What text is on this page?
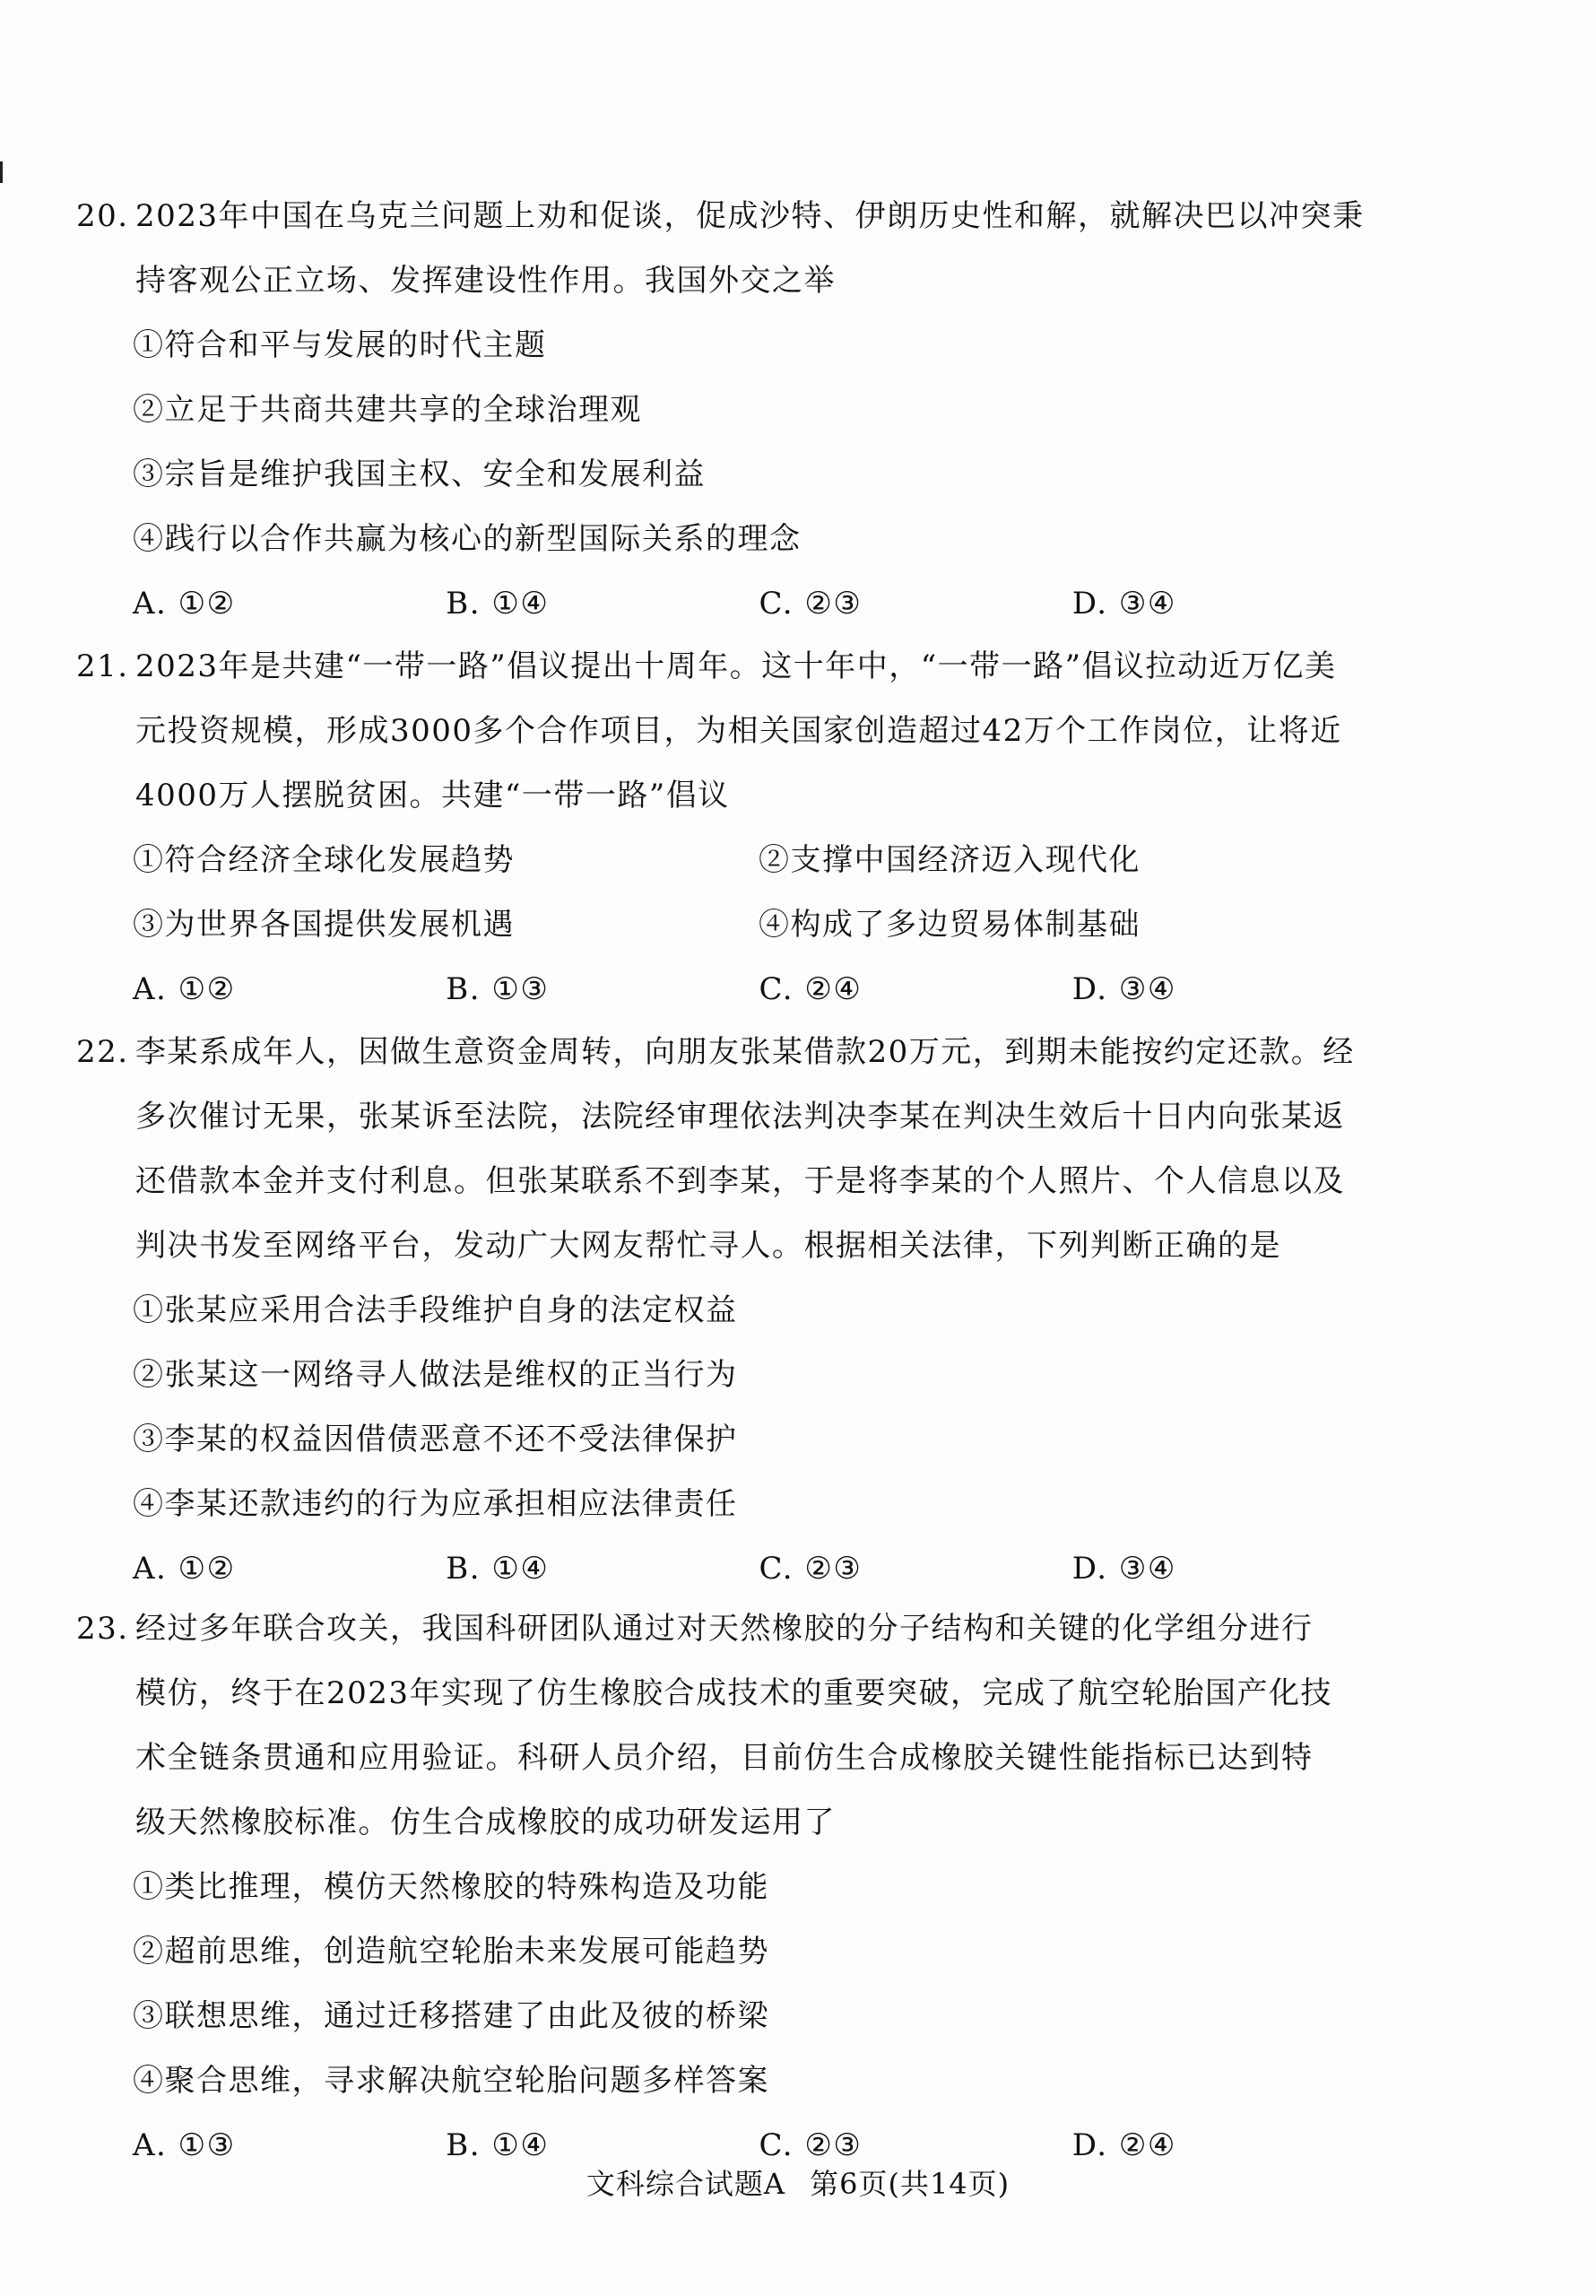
20. 2023年中国在乌克兰问题上劝和促谈，促成沙特、伊朗历史性和解，就解决巴以冲突秉

持客观公正立场、发挥建设性作用。我国外交之举

①符合和平与发展的时代主题

②立足于共商共建共享的全球治理观

③宗旨是维护我国主权、安全和发展利益

④践行以合作共赢为核心的新型国际关系的理念

A. ①②	B. ①④	C. ②③	D. ③④

21. 2023年是共建“一带一路”倡议提出十周年。这十年中，“一带一路”倡议拉动近万亿美

元投资规模，形成3000多个合作项目，为相关国家创造超过42万个工作岗位，让将近

4000万人摆脱贫困。共建“一带一路”倡议

①符合经济全球化发展趋势	②支撑中国经济迈入现代化
③为世界各国提供发展机遇	④构成了多边贸易体制基础
A. ①②	B. ①③	C. ②④	D. ③④

22. 李某系成年人，因做生意资金周转，向朋友张某借款20万元，到期未能按约定还款。经

多次催讨无果，张某诉至法院，法院经审理依法判决李某在判决生效后十日内向张某返

还借款本金并支付利息。但张某联系不到李某，于是将李某的个人照片、个人信息以及

判决书发至网络平台，发动广大网友帮忙寻人。根据相关法律，下列判断正确的是

①张某应采用合法手段维护自身的法定权益

②张某这一网络寻人做法是维权的正当行为

③李某的权益因借债恶意不还不受法律保护

④李某还款违约的行为应承担相应法律责任

A. ①②	B. ①④	C. ②③	D. ③④

23. 经过多年联合攻关，我国科研团队通过对天然橡胶的分子结构和关键的化学组分进行

模仿，终于在2023年实现了仿生橡胶合成技术的重要突破，完成了航空轮胎国产化技

术全链条贯通和应用验证。科研人员介绍，目前仿生合成橡胶关键性能指标已达到特

级天然橡胶标准。仿生合成橡胶的成功研发运用了

①类比推理，模仿天然橡胶的特殊构造及功能

②超前思维，创造航空轮胎未来发展可能趋势

③联想思维，通过迁移搭建了由此及彼的桥梁

④聚合思维，寻求解决航空轮胎问题多样答案

A. ①③	B. ①④	C. ②③	D. ②④
文科综合试题A 第6页(共14页)
